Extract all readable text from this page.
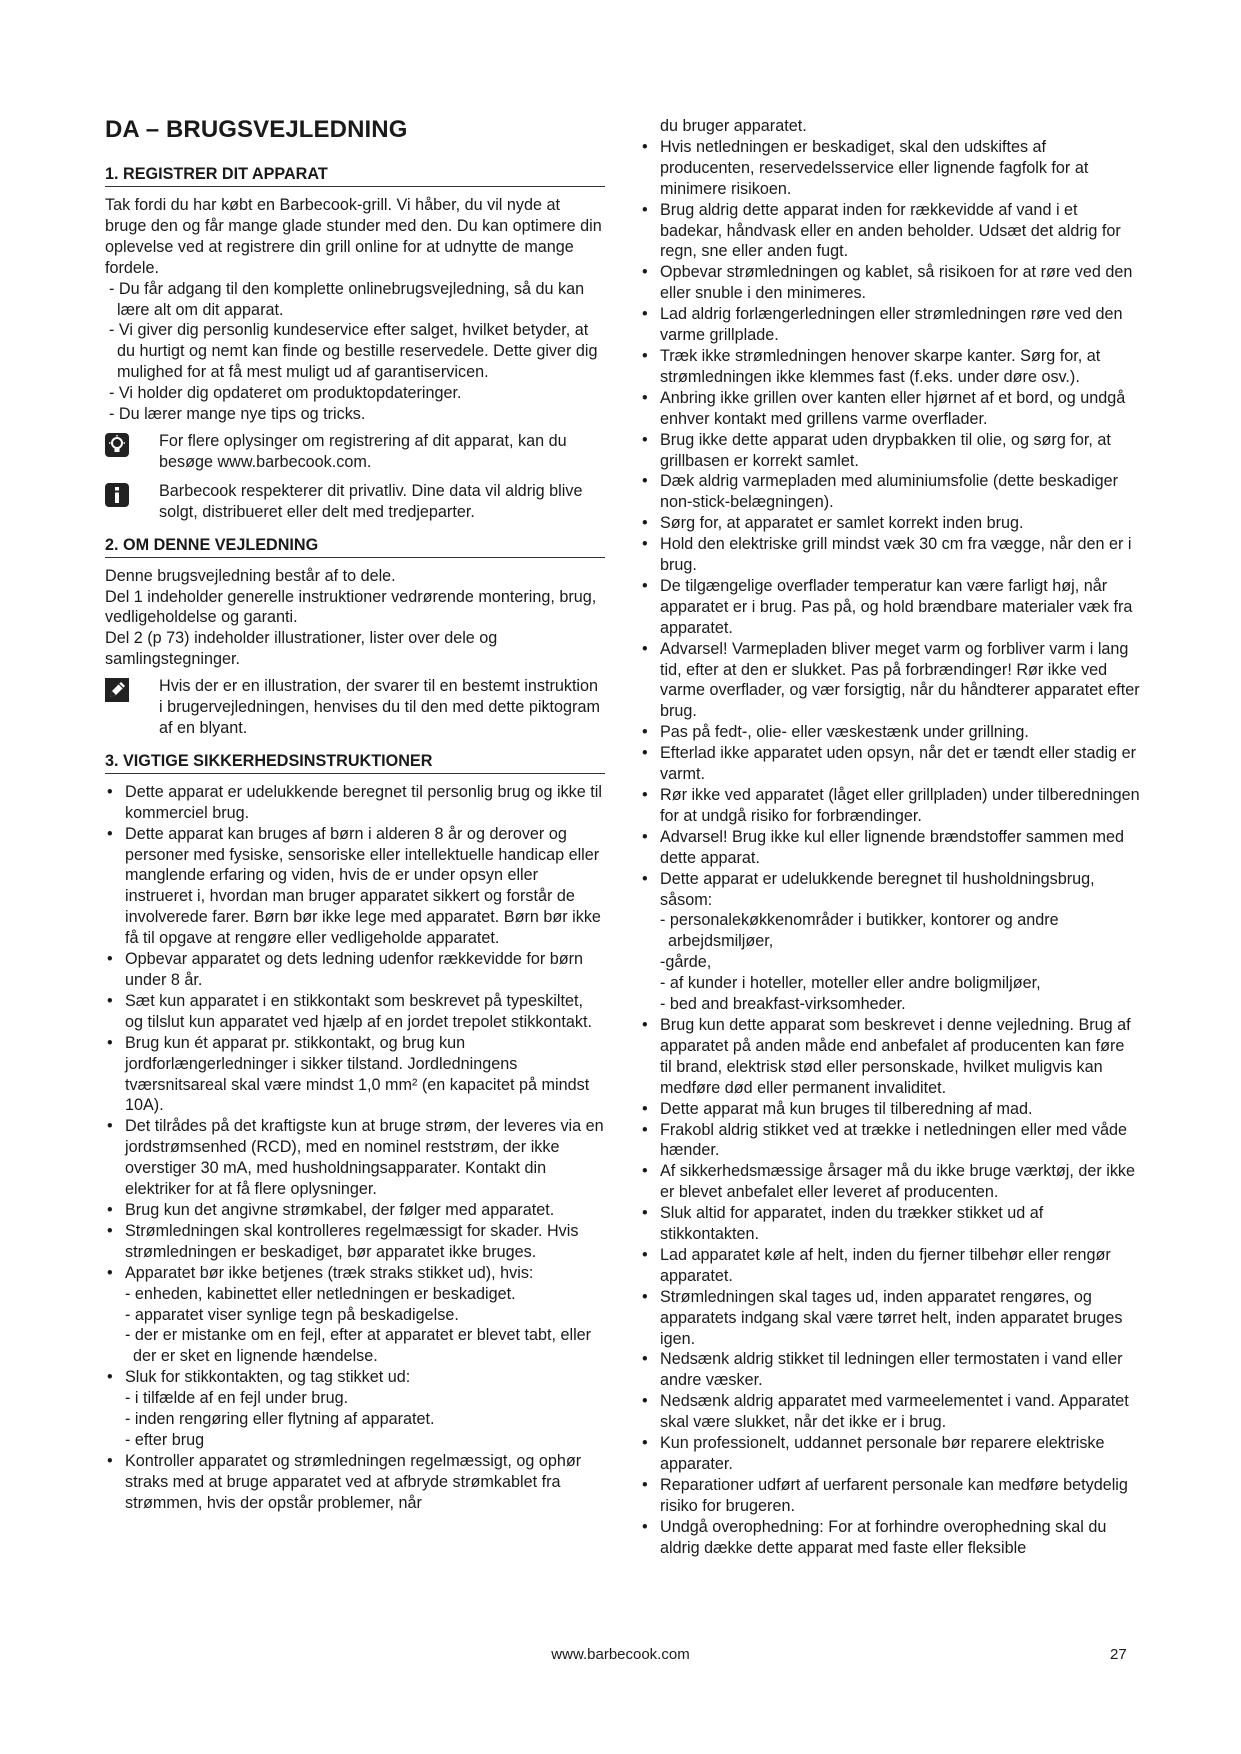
DA – BRUGSVEJLEDNING
1. REGISTRER DIT APPARAT

Tak fordi du har købt en Barbecook-grill. Vi håber, du vil nyde at bruge den og får mange glade stunder med den. Du kan optimere din oplevelse ved at registrere din grill online for at udnytte de mange fordele.

- Du får adgang til den komplette onlinebrugsvejledning, så du kan lære alt om dit apparat.

- Vi giver dig personlig kundeservice efter salget, hvilket betyder, at du hurtigt og nemt kan finde og bestille reservedele. Dette giver dig mulighed for at få mest muligt ud af garantiservicen.

- Vi holder dig opdateret om produktopdateringer.

- Du lærer mange nye tips og tricks.

For flere oplysinger om registrering af dit apparat, kan du besøge www.barbecook.com.

Barbecook respekterer dit privatliv. Dine data vil aldrig blive solgt, distribueret eller delt med tredjeparter.

2. OM DENNE VEJLEDNING

Denne brugsvejledning består af to dele.

Del 1 indeholder generelle instruktioner vedrørende montering, brug, vedligeholdelse og garanti.

Del 2 (p 73) indeholder illustrationer, lister over dele og samlingstegninger.

Hvis der er en illustration, der svarer til en bestemt instruktion i brugervejledningen, henvises du til den med dette piktogram af en blyant.

3. VIGTIGE SIKKERHEDSINSTRUKTIONER
• Dette apparat er udelukkende beregnet til personlig brug og ikke til kommerciel brug.
• Dette apparat kan bruges af børn i alderen 8 år og derover og personer med fysiske, sensoriske eller intellektuelle handicap eller manglende erfaring og viden, hvis de er under opsyn eller instrueret i, hvordan man bruger apparatet sikkert og forstår de involverede farer. Børn bør ikke lege med apparatet. Børn bør ikke få til opgave at rengøre eller vedligeholde apparatet.
• Opbevar apparatet og dets ledning udenfor rækkevidde for børn under 8 år.
• Sæt kun apparatet i en stikkontakt som beskrevet på typeskiltet, og tilslut kun apparatet ved hjælp af en jordet trepolet stikkontakt.
• Brug kun ét apparat pr. stikkontakt, og brug kun jordforlængerledninger i sikker tilstand. Jordledningens tværsnitsareal skal være mindst 1,0 mm² (en kapacitet på mindst 10A).
• Det tilrådes på det kraftigste kun at bruge strøm, der leveres via en jordstrømsenhed (RCD), med en nominel reststrøm, der ikke overstiger 30 mA, med husholdningsapparater. Kontakt din elektriker for at få flere oplysninger.
• Brug kun det angivne strømkabel, der følger med apparatet.
• Strømledningen skal kontrolleres regelmæssigt for skader. Hvis strømledningen er beskadiget, bør apparatet ikke bruges.
• Apparatet bør ikke betjenes (træk straks stikket ud), hvis:
- enheden, kabinettet eller netledningen er beskadiget.
- apparatet viser synlige tegn på beskadigelse.
- der er mistanke om en fejl, efter at apparatet er blevet tabt, eller der er sket en lignende hændelse.
• Sluk for stikkontakten, og tag stikket ud:
- i tilfælde af en fejl under brug.
- inden rengøring eller flytning af apparatet.
- efter brug
• Kontroller apparatet og strømledningen regelmæssigt, og ophør straks med at bruge apparatet ved at afbryde strømkablet fra strømmen, hvis der opstår problemer, når

du bruger apparatet.

• Hvis netledningen er beskadiget, skal den udskiftes af producenten, reservedelsservice eller lignende fagfolk for at minimere risikoen.
• Brug aldrig dette apparat inden for rækkevidde af vand i et badekar, håndvask eller en anden beholder. Udsæt det aldrig for regn, sne eller anden fugt.
• Opbevar strømledningen og kablet, så risikoen for at røre ved den eller snuble i den minimeres.
• Lad aldrig forlængerledningen eller strømledningen røre ved den varme grillplade.
• Træk ikke strømledningen henover skarpe kanter. Sørg for, at strømledningen ikke klemmes fast (f.eks. under døre osv.).
• Anbring ikke grillen over kanten eller hjørnet af et bord, og undgå enhver kontakt med grillens varme overflader.
• Brug ikke dette apparat uden drypbakken til olie, og sørg for, at grillbasen er korrekt samlet.
• Dæk aldrig varmepladen med aluminiumsfolie (dette beskadiger non-stick-belægningen).
• Sørg for, at apparatet er samlet korrekt inden brug.
• Hold den elektriske grill mindst væk 30 cm fra vægge, når den er i brug.
• De tilgængelige overflader temperatur kan være farligt høj, når apparatet er i brug. Pas på, og hold brændbare materialer væk fra apparatet.
• Advarsel! Varmepladen bliver meget varm og forbliver varm i lang tid, efter at den er slukket. Pas på forbrændinger! Rør ikke ved varme overflader, og vær forsigtig, når du håndterer apparatet efter brug.
• Pas på fedt-, olie- eller væskestænk under grillning.
• Efterlad ikke apparatet uden opsyn, når det er tændt eller stadig er varmt.
• Rør ikke ved apparatet (låget eller grillpladen) under tilberedningen for at undgå risiko for forbrændinger.
• Advarsel! Brug ikke kul eller lignende brændstoffer sammen med dette apparat.
• Dette apparat er udelukkende beregnet til husholdningsbrug, såsom:
- personalekøkkenområder i butikker, kontorer og andre arbejdsmiljøer,
-gårde,
- af kunder i hoteller, moteller eller andre boligmiljøer,
- bed and breakfast-virksomheder.
• Brug kun dette apparat som beskrevet i denne vejledning. Brug af apparatet på anden måde end anbefalet af producenten kan føre til brand, elektrisk stød eller personskade, hvilket muligvis kan medføre død eller permanent invaliditet.
• Dette apparat må kun bruges til tilberedning af mad.
• Frakobl aldrig stikket ved at trække i netledningen eller med våde hænder.
• Af sikkerhedsmæssige årsager må du ikke bruge værktøj, der ikke er blevet anbefalet eller leveret af producenten.
• Sluk altid for apparatet, inden du trækker stikket ud af stikkontakten.
• Lad apparatet køle af helt, inden du fjerner tilbehør eller rengør apparatet.
• Strømledningen skal tages ud, inden apparatet rengøres, og apparatets indgang skal være tørret helt, inden apparatet bruges igen.
• Nedsænk aldrig stikket til ledningen eller termostaten i vand eller andre væsker.
• Nedsænk aldrig apparatet med varmeelementet i vand. Apparatet skal være slukket, når det ikke er i brug.
• Kun professionelt, uddannet personale bør reparere elektriske apparater.
• Reparationer udført af uerfarent personale kan medføre betydelig risiko for brugeren.
• Undgå overophedning: For at forhindre overophedning skal du aldrig dække dette apparat med faste eller fleksible
www.barbecook.com	27
